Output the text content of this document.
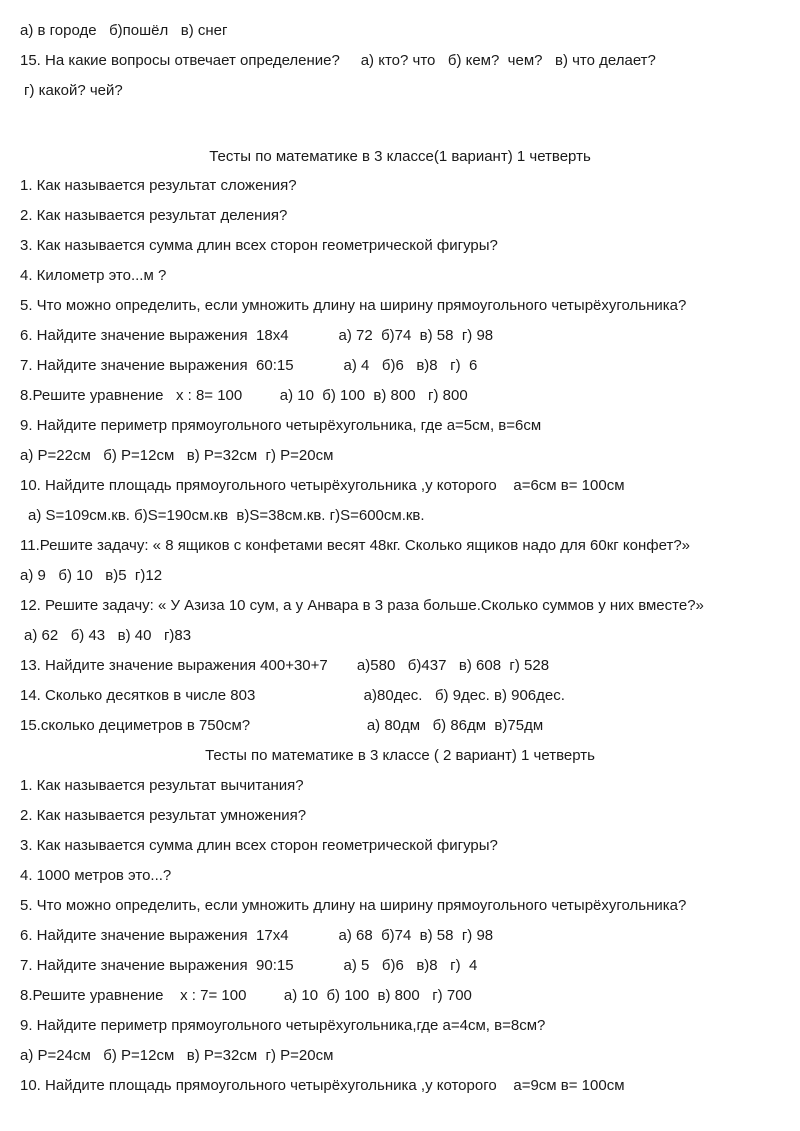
а) в городе   б)пошёл   в) снег
15. На какие вопросы отвечает определение?     а) кто? что   б) кем?  чем?   в) что делает?
г) какой? чей?
Тесты по математике в 3 классе(1 вариант) 1 четверть
1. Как называется результат сложения?
2. Как называется результат деления?
3. Как называется сумма длин всех сторон геометрической фигуры?
4. Километр это...м ?
5. Что можно определить, если умножить длину на ширину прямоугольного четырёхугольника?
6. Найдите значение выражения  18х4            а) 72  б)74  в) 58  г) 98
7. Найдите значение выражения  60:15            а) 4   б)6   в)8   г)  6
8.Решите уравнение   х : 8= 100         а) 10  б) 100  в) 800   г) 800
9. Найдите периметр прямоугольного четырёхугольника, где а=5см, в=6см
а) Р=22см   б) Р=12см   в) Р=32см  г) Р=20см
10. Найдите площадь прямоугольного четырёхугольника ,у которого    а=6см в= 100см
а) S=109см.кв. б)S=190см.кв  в)S=38см.кв. г)S=600см.кв.
11.Решите задачу: « 8 ящиков с конфетами весят 48кг. Сколько ящиков надо для 60кг конфет?»
а) 9   б) 10   в)5  г)12
12. Решите задачу: « У Азиза 10 сум, а у Анвара в 3 раза больше.Сколько суммов у них вместе?»
а) 62   б) 43   в) 40   г)83
13. Найдите значение выражения 400+30+7       а)580   б)437   в) 608  г) 528
14. Сколько десятков в числе 803                          а)80дес.   б) 9дес. в) 906дес.
15.сколько дециметров в 750см?                            а) 80дм   б) 86дм  в)75дм
Тесты по математике в 3 классе ( 2 вариант) 1 четверть
1. Как называется результат вычитания?
2. Как называется результат умножения?
3. Как называется сумма длин всех сторон геометрической фигуры?
4. 1000 метров это...?
5. Что можно определить, если умножить длину на ширину прямоугольного четырёхугольника?
6. Найдите значение выражения  17х4            а) 68  б)74  в) 58  г) 98
7. Найдите значение выражения  90:15            а) 5   б)6   в)8   г)  4
8.Решите уравнение    х : 7= 100         а) 10  б) 100  в) 800   г) 700
9. Найдите периметр прямоугольного четырёхугольника,где а=4см, в=8см?
а) Р=24см   б) Р=12см   в) Р=32см  г) Р=20см
10. Найдите площадь прямоугольного четырёхугольника ,у которого    а=9см в= 100см
